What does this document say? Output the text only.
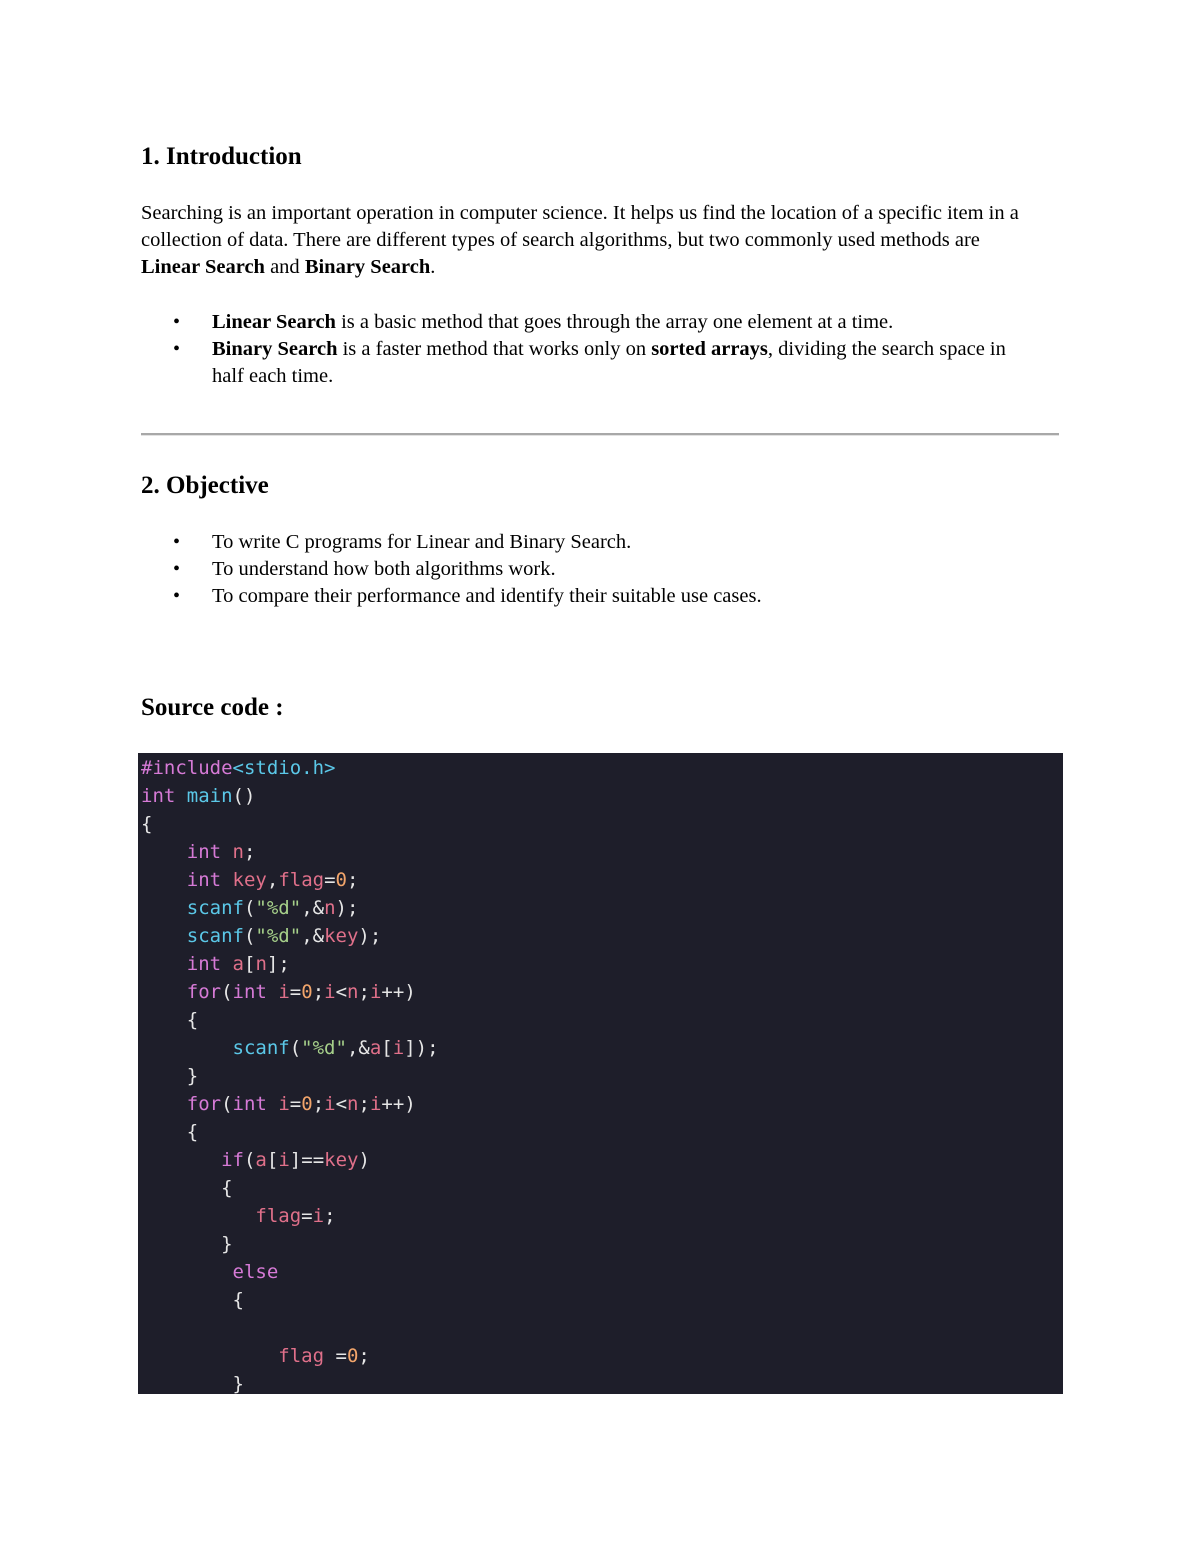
1. Introduction

Searching is an important operation in computer science. It helps us find the location of a specific item in a collection of data. There are different types of search algorithms, but two commonly used methods are Linear Search and Binary Search.

• Linear Search is a basic method that goes through the array one element at a time.
• Binary Search is a faster method that works only on sorted arrays, dividing the search space in half each time.
2. Objective
• To write C programs for Linear and Binary Search.
• To understand how both algorithms work.
• To compare their performance and identify their suitable use cases.
Source code :
#include<stdio.h>
int main()
{
int n;
int key,flag=0;
scanf("%d",&n);
scanf("%d",&key);
int a[n];
for(int i=0;i<n;i++)
{
scanf("%d",&a[i]);
}
for(int i=0;i<n;i++)
{
if(a[i]==key)
{
flag=i;
}
else
{

flag =0;
}
